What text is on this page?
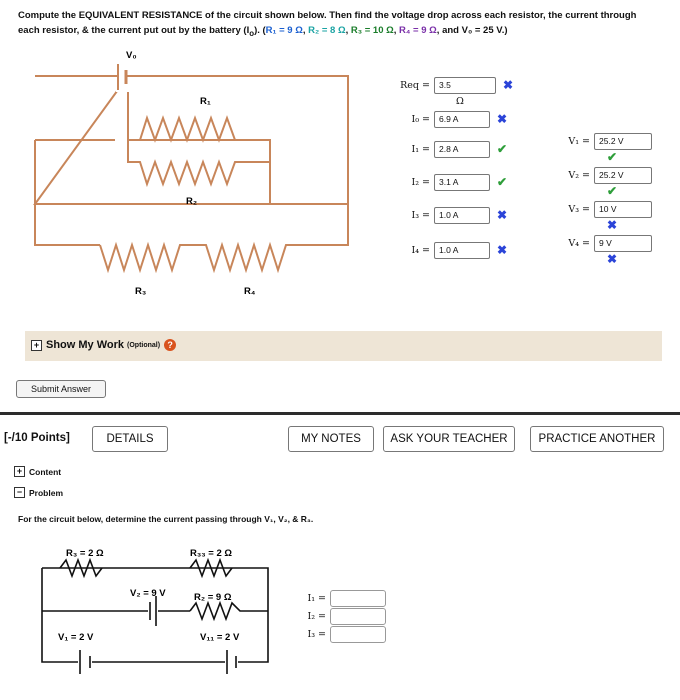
Compute the EQUIVALENT RESISTANCE of the circuit shown below. Then find the voltage drop across each resistor, the current through
each resistor, & the current put out by the battery $(I_o)$. (R₁ = 9 Ω, R₂ = 8 Ω, R₃ = 10 Ω, R₄ = 9 Ω, and V₀ = 25 V.)
V₀
R₁
R₂
R₃	R₄
Req =	3.5	✖
Ω
I₀ =	6.9 A	✖
I₁ =	2.8 A	✔
I₂ =	3.1 A	✔
I₃ =	1.0 A	✖
I₄ =	1.0 A	✖
V₁ =	25.2 V
✔
V₂ =	25.2 V
✔
V₃ =	10 V
✖
V₄ =	9 V
✖
+ Show My Work (Optional) ?
Submit Answer
[-/10 Points]	DETAILS	MY NOTES	ASK YOUR TEACHER	PRACTICE ANOTHER
+ Content
− Problem
For the circuit below, determine the current passing through V₁, V₂, & R₃.
R₃ = 2 Ω	R₃₃ = 2 Ω
V₂ = 9 V	R₂ = 9 Ω
V₁ = 2 V	V₁₁ = 2 V
I₁ =
I₂ =
I₃ =
